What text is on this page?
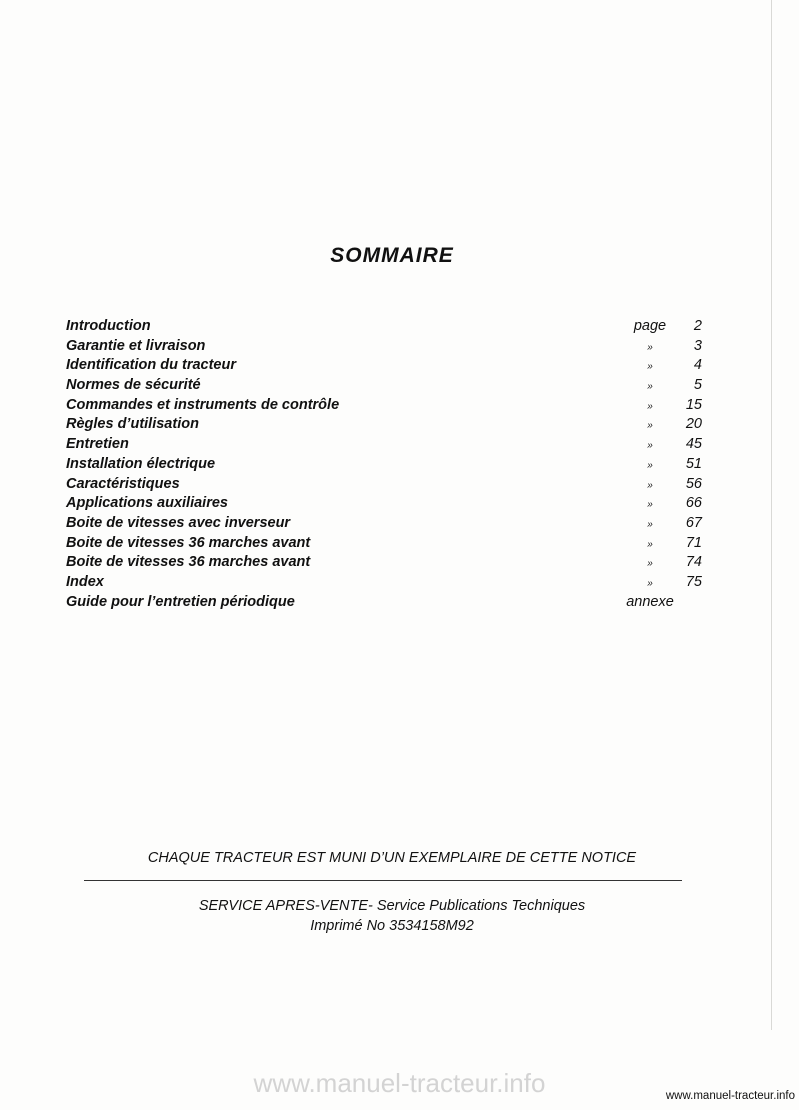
SOMMAIRE
Introduction	page	2
Garantie et livraison	»	3
Identification du tracteur	»	4
Normes de sécurité	»	5
Commandes et instruments de contrôle	»	15
Règles d’utilisation	»	20
Entretien	»	45
Installation électrique	»	51
Caractéristiques	»	56
Applications auxiliaires	»	66
Boite de vitesses avec inverseur	»	67
Boite de vitesses 36 marches avant	»	71
Boite de vitesses 36 marches avant	»	74
Index	»	75
Guide pour l’entretien périodique	annexe

CHAQUE TRACTEUR EST MUNI D’UN EXEMPLAIRE DE CETTE NOTICE

SERVICE APRES-VENTE- Service Publications Techniques

Imprimé No 3534158M92

www.manuel-tracteur.info	www.manuel-tracteur.info
